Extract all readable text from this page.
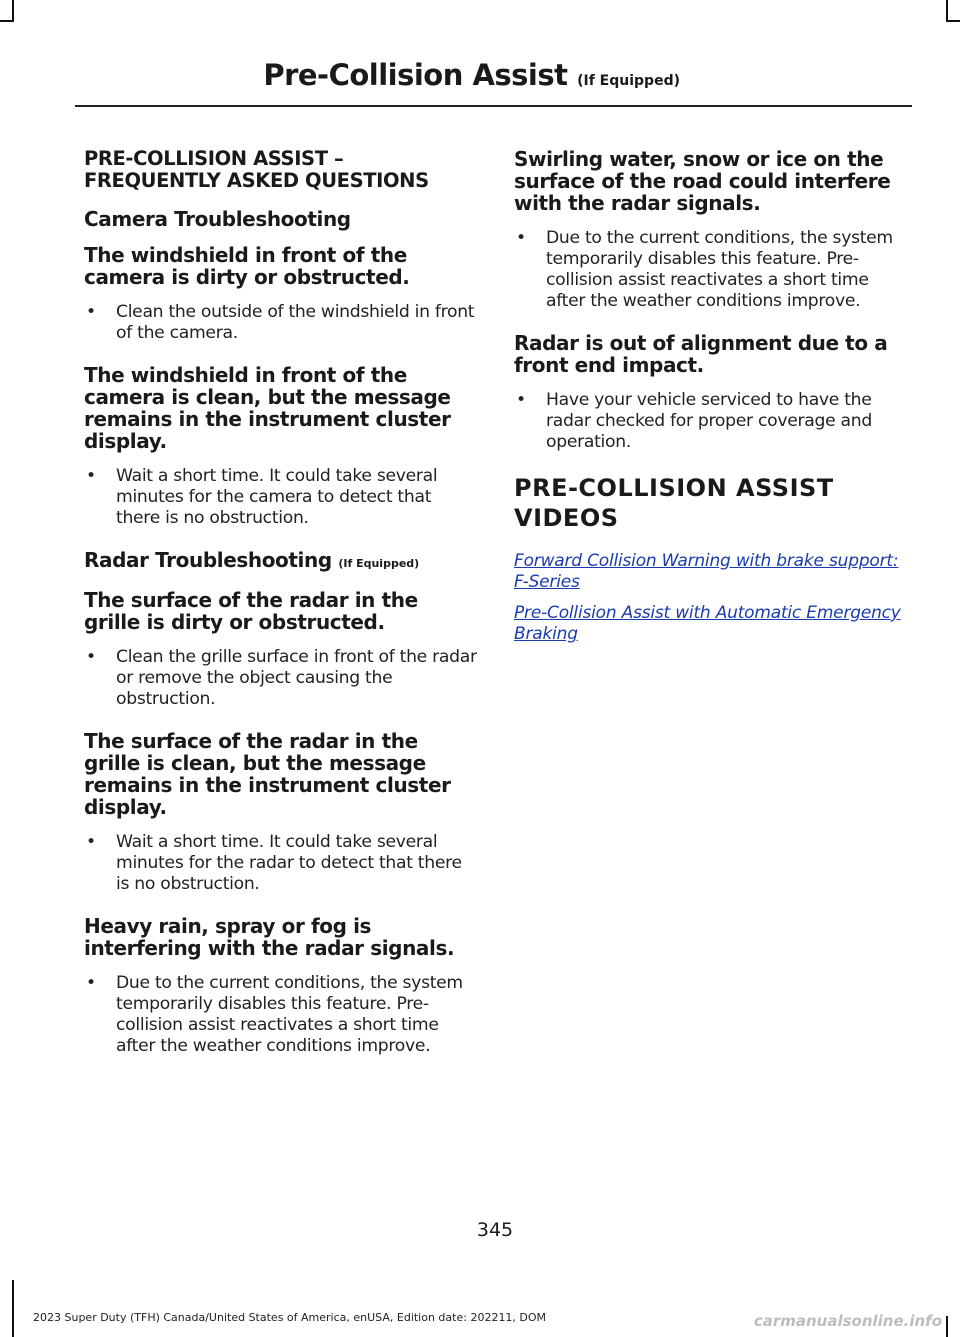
Pre-Collision Assist (If Equipped)
PRE-COLLISION ASSIST – FREQUENTLY ASKED QUESTIONS
Camera Troubleshooting
The windshield in front of the camera is dirty or obstructed.

• Clean the outside of the windshield in front of the camera.

The windshield in front of the camera is clean, but the message remains in the instrument cluster display.

• Wait a short time. It could take several minutes for the camera to detect that there is no obstruction.

Radar Troubleshooting (If Equipped)
The surface of the radar in the grille is dirty or obstructed.

• Clean the grille surface in front of the radar or remove the object causing the obstruction.

The surface of the radar in the grille is clean, but the message remains in the instrument cluster display.

• Wait a short time. It could take several minutes for the radar to detect that there is no obstruction.

Heavy rain, spray or fog is interfering with the radar signals.

• Due to the current conditions, the system temporarily disables this feature. Pre-collision assist reactivates a short time after the weather conditions improve.

Swirling water, snow or ice on the surface of the road could interfere with the radar signals.

• Due to the current conditions, the system temporarily disables this feature. Pre-collision assist reactivates a short time after the weather conditions improve.

Radar is out of alignment due to a front end impact.

• Have your vehicle serviced to have the radar checked for proper coverage and operation.

PRE-COLLISION ASSIST
VIDEOS
Forward Collision Warning with brake support: F-Series
Pre-Collision Assist with Automatic Emergency Braking

345

2023 Super Duty (TFH) Canada/United States of America, enUSA, Edition date: 202211, DOM	carmanualsonline.info
